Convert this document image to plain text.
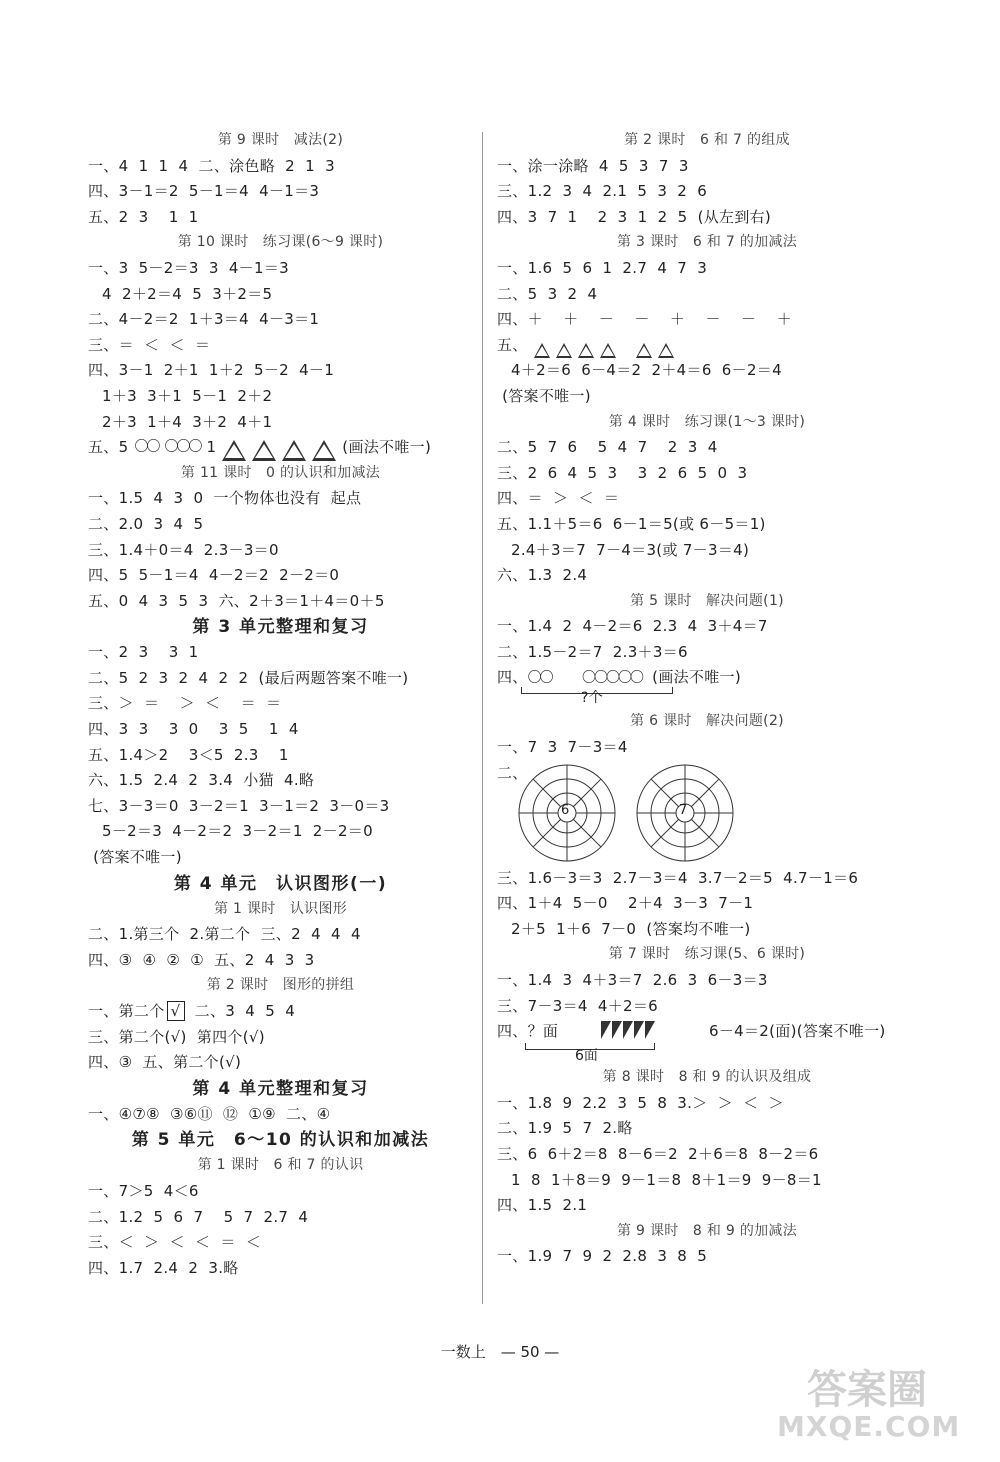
第 9 课时　减法(2)
一、4  1  1  4  二、涂色略  2  1  3
四、3－1＝2  5－1＝4  4－1＝3
五、2  3    1  1
第 10 课时　练习课(6～9 课时)
一、3  5－2＝3  3  4－1＝3
4  2＋2＝4  5  3＋2＝5
二、4－2＝2  1＋3＝4  4－3＝1
三、＝  ＜  ＜  ＝
四、3－1  2＋1  1＋2  5－2  4－1
1＋3  3＋1  5－1  2＋2
2＋3  1＋4  3＋2  4＋1
五、5 〇〇 〇〇〇 1	(画法不唯一)
第 11 课时　0 的认识和加减法
一、1.5  4  3  0  一个物体也没有  起点
二、2.0  3  4  5
三、1.4＋0＝4  2.3－3＝0
四、5  5－1＝4  4－2＝2  2－2＝0
五、0  4  3  5  3  六、2＋3＝1＋4＝0＋5
第 3 单元整理和复习
一、2  3    3  1
二、5  2  3  2  4  2  2  (最后两题答案不唯一)
三、＞  ＝    ＞  ＜    ＝  ＝
四、3  3    3  0    3  5    1  4
五、1.4＞2    3＜5  2.3    1
六、1.5  2.4  2  3.4  小猫  4.略
七、3－3＝0  3－2＝1  3－1＝2  3－0＝3
5－2＝3  4－2＝2  3－2＝1  2－2＝0
(答案不唯一)
第 4 单元　认识图形(一)
第 1 课时　认识图形
二、1.第三个  2.第二个  三、2  4  4  4
四、③  ④  ②  ①  五、2  4  3  3
第 2 课时　图形的拼组
一、第二个 √  二、3  4  5  4
三、第二个(√)  第四个(√)
四、③  五、第二个(√)
第 4 单元整理和复习
一、④⑦⑧  ③⑥⑪  ⑫  ①⑨  二、④
第 5 单元　6～10 的认识和加减法
第 1 课时　6 和 7 的认识
一、7＞5  4＜6
二、1.2  5  6  7    5  7  2.7  4
三、＜  ＞  ＜  ＜  ＝  ＜
四、1.7  2.4  2  3.略
第 2 课时　6 和 7 的组成
一、涂一涂略  4  5  3  7  3
三、1.2  3  4  2.1  5  3  2  6
四、3  7  1    2  3  1  2  5  (从左到右)
第 3 课时　6 和 7 的加减法
一、1.6  5  6  1  2.7  4  7  3
二、5  3  2  4
四、＋    ＋    －    －    ＋    －    －    ＋
五、
4＋2＝6  6－4＝2  2＋4＝6  6－2＝4
(答案不唯一)
第 4 课时　练习课(1～3 课时)
二、5  7  6    5  4  7    2  3  4
三、2  6  4  5  3    3  2  6  5  0  3
四、＝  ＞  ＜  ＝
五、1.1＋5＝6  6－1＝5(或 6－5＝1)
2.4＋3＝7  7－4＝3(或 7－3＝4)
六、1.3  2.4
第 5 课时　解决问题(1)
一、1.4  2  4－2＝6  2.3  4  3＋4＝7
二、1.5－2＝7  2.3＋3＝6
四、〇〇 〇〇〇〇〇 (画法不唯一)
?个
第 6 课时　解决问题(2)
一、7  3  7－3＝4
二、
6	7
三、1.6－3＝3  2.7－3＝4  3.7－2＝5  4.7－1＝6
四、1＋4  5－0    2＋4  3－3  7－1
2＋5  1＋6  7－0  (答案均不唯一)
第 7 课时　练习课(5、6 课时)
一、1.4  3  4＋3＝7  2.6  3  6－3＝3
三、7－3＝4  4＋2＝6
四、？面	6－4＝2(面)(答案不唯一)
6面
第 8 课时　8 和 9 的认识及组成
一、1.8  9  2.2  3  5  8  3.＞  ＞  ＜  ＞
二、1.9  5  7  2.略
三、6  6＋2＝8  8－6＝2  2＋6＝8  8－2＝6
1  8  1＋8＝9  9－1＝8  8＋1＝9  9－8＝1
四、1.5  2.1
第 9 课时　8 和 9 的加减法
一、1.9  7  9  2  2.8  3  8  5
一数上　— 50 —
答案圈
MXQE.COM
